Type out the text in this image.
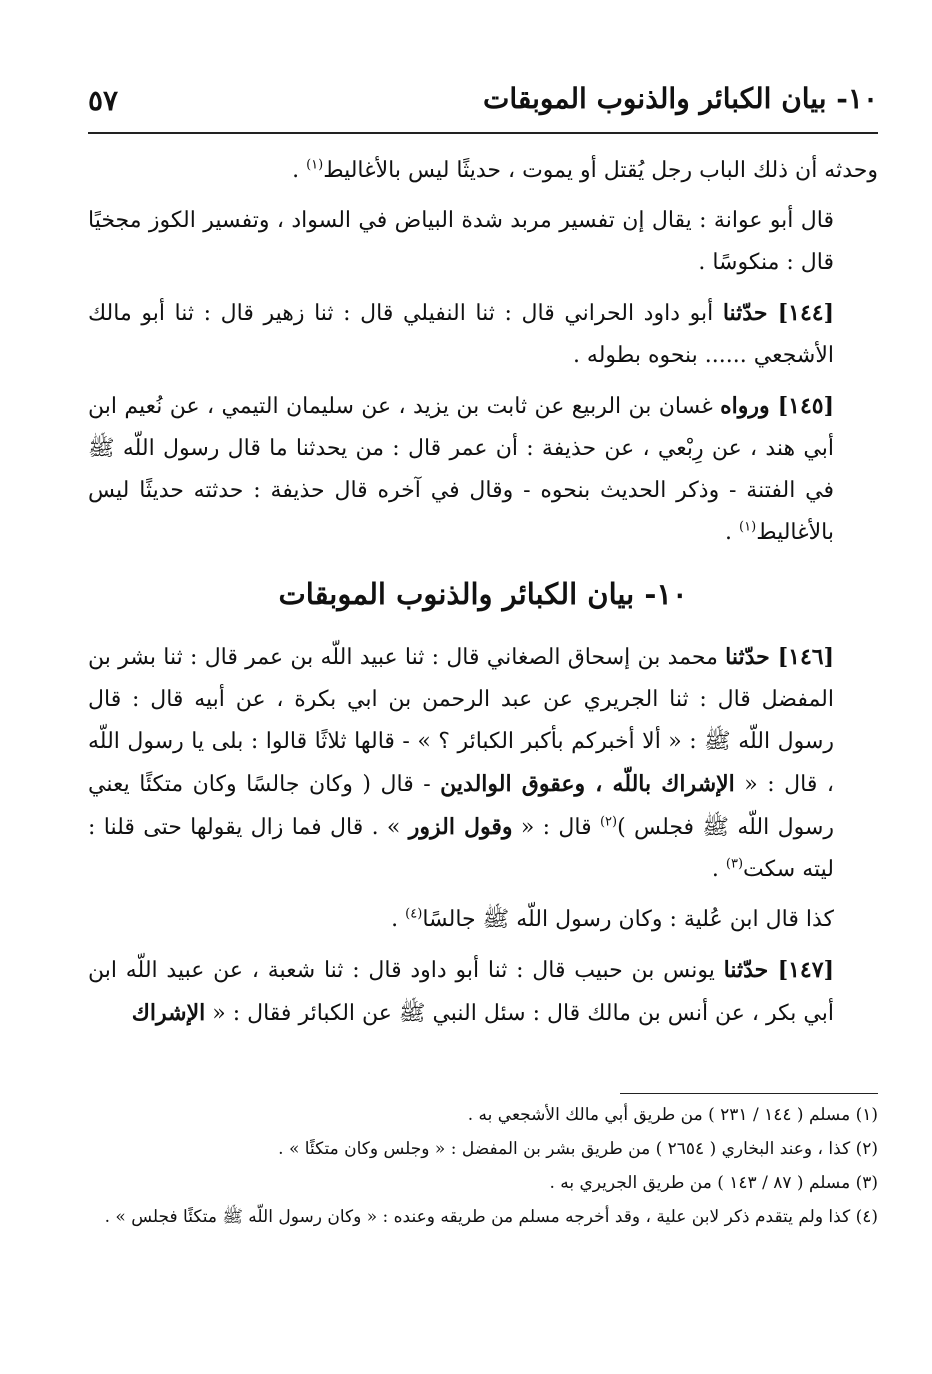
١٠- بيان الكبائر والذنوب الموبقات
٥٧

وحدثه أن ذلك الباب رجل يُقتل أو يموت ، حديثًا ليس بالأغاليط$^{(١)}$ .

قال أبو عوانة : يقال إن تفسير مربد شدة البياض في السواد ، وتفسير الكوز مجخيًا قال : منكوسًا .

[١٤٤] حدّثنا أبو داود الحراني قال : ثنا النفيلي قال : ثنا زهير قال : ثنا أبو مالك الأشجعي ...... بنحوه بطوله .

[١٤٥] ورواه غسان بن الربيع عن ثابت بن يزيد ، عن سليمان التيمي ، عن نُعيم ابن أبي هند ، عن رِبْعي ، عن حذيفة : أن عمر قال : من يحدثنا ما قال رسول اللّه ﷺ في الفتنة - وذكر الحديث بنحوه - وقال في آخره قال حذيفة : حدثته حديثًا ليس بالأغاليط$^{(١)}$ .

١٠- بيان الكبائر والذنوب الموبقات

[١٤٦] حدّثنا محمد بن إسحاق الصغاني قال : ثنا عبيد اللّه بن عمر قال : ثنا بشر بن المفضل قال : ثنا الجريري عن عبد الرحمن بن ابي بكرة ، عن أبيه قال : قال رسول اللّه ﷺ : « ألا أخبركم بأكبر الكبائر ؟ » - قالها ثلاثًا قالوا : بلى يا رسول اللّه ، قال : « الإشراك باللّه ، وعقوق الوالدين - قال ( وكان جالسًا وكان متكئًا يعني رسول اللّه ﷺ فجلس )$^{(٢)}$ قال : « وقول الزور » . قال فما زال يقولها حتى قلنا : ليته سكت$^{(٣)}$ .

كذا قال ابن عُلية : وكان رسول اللّه ﷺ جالسًا$^{(٤)}$ .

[١٤٧] حدّثنا يونس بن حبيب قال : ثنا أبو داود قال : ثنا شعبة ، عن عبيد اللّه ابن أبي بكر ، عن أنس بن مالك قال : سئل النبي ﷺ عن الكبائر فقال : « الإشراك

(١) مسلم ( ١٤٤ / ٢٣١ ) من طريق أبي مالك الأشجعي به .

(٢) كذا ، وعند البخاري ( ٢٦٥٤ ) من طريق بشر بن المفضل : « وجلس وكان متكئًا » .

(٣) مسلم ( ٨٧ / ١٤٣ ) من طريق الجريري به .

(٤) كذا ولم يتقدم ذكر لابن علية ، وقد أخرجه مسلم من طريقه وعنده : « وكان رسول اللّه ﷺ متكئًا فجلس » .
